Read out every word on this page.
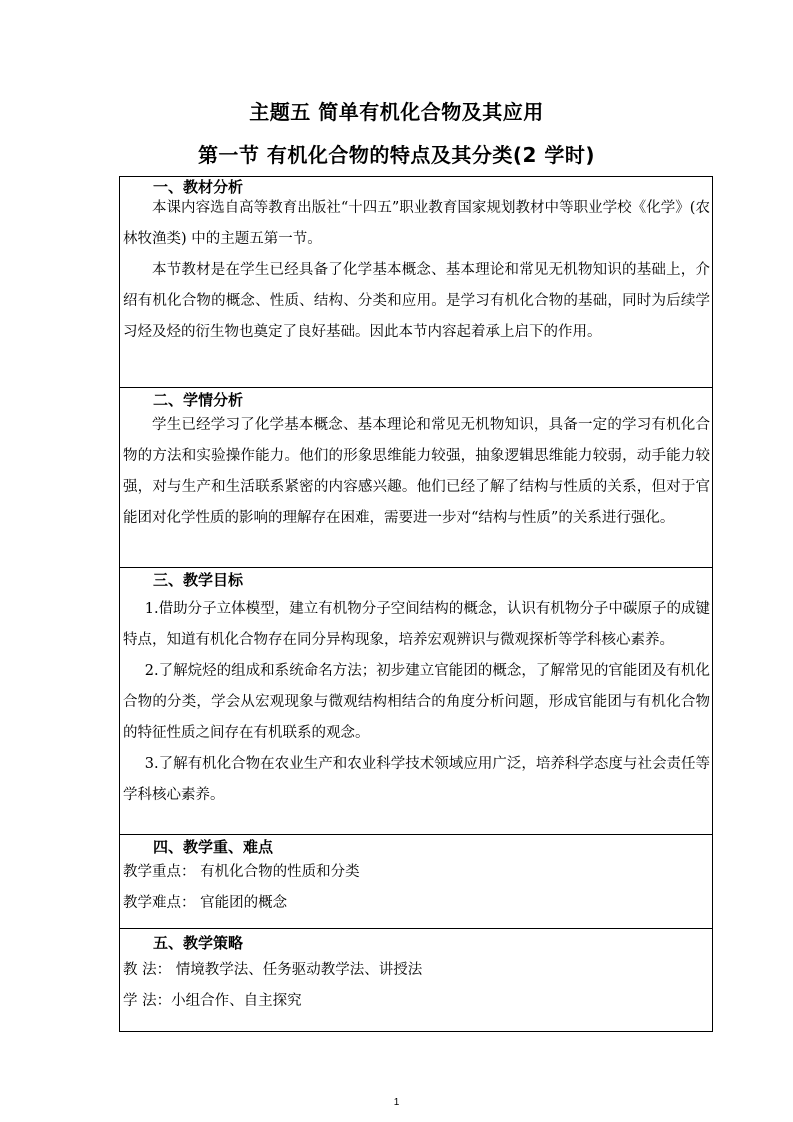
主题五 简单有机化合物及其应用
第一节 有机化合物的特点及其分类(2 学时)
一、教材分析

本课内容选自高等教育出版社“十四五”职业教育国家规划教材中等职业学校《化学》(农林牧渔类) 中的主题五第一节。

本节教材是在学生已经具备了化学基本概念、基本理论和常见无机物知识的基础上，介绍有机化合物的概念、性质、结构、分类和应用。是学习有机化合物的基础，同时为后续学习烃及烃的衍生物也奠定了良好基础。因此本节内容起着承上启下的作用。

二、学情分析

学生已经学习了化学基本概念、基本理论和常见无机物知识，具备一定的学习有机化合物的方法和实验操作能力。他们的形象思维能力较强，抽象逻辑思维能力较弱，动手能力较强，对与生产和生活联系紧密的内容感兴趣。他们已经了解了结构与性质的关系，但对于官能团对化学性质的影响的理解存在困难，需要进一步对“结构与性质”的关系进行强化。

三、教学目标

1.借助分子立体模型，建立有机物分子空间结构的概念，认识有机物分子中碳原子的成键特点，知道有机化合物存在同分异构现象，培养宏观辨识与微观探析等学科核心素养。

2.了解烷烃的组成和系统命名方法；初步建立官能团的概念，了解常见的官能团及有机化合物的分类，学会从宏观现象与微观结构相结合的角度分析问题，形成官能团与有机化合物的特征性质之间存在有机联系的观念。

3.了解有机化合物在农业生产和农业科学技术领域应用广泛，培养科学态度与社会责任等学科核心素养。

四、教学重、难点

教学重点： 有机化合物的性质和分类

教学难点： 官能团的概念

五、教学策略

教 法： 情境教学法、任务驱动教学法、讲授法

学 法：小组合作、自主探究

1
